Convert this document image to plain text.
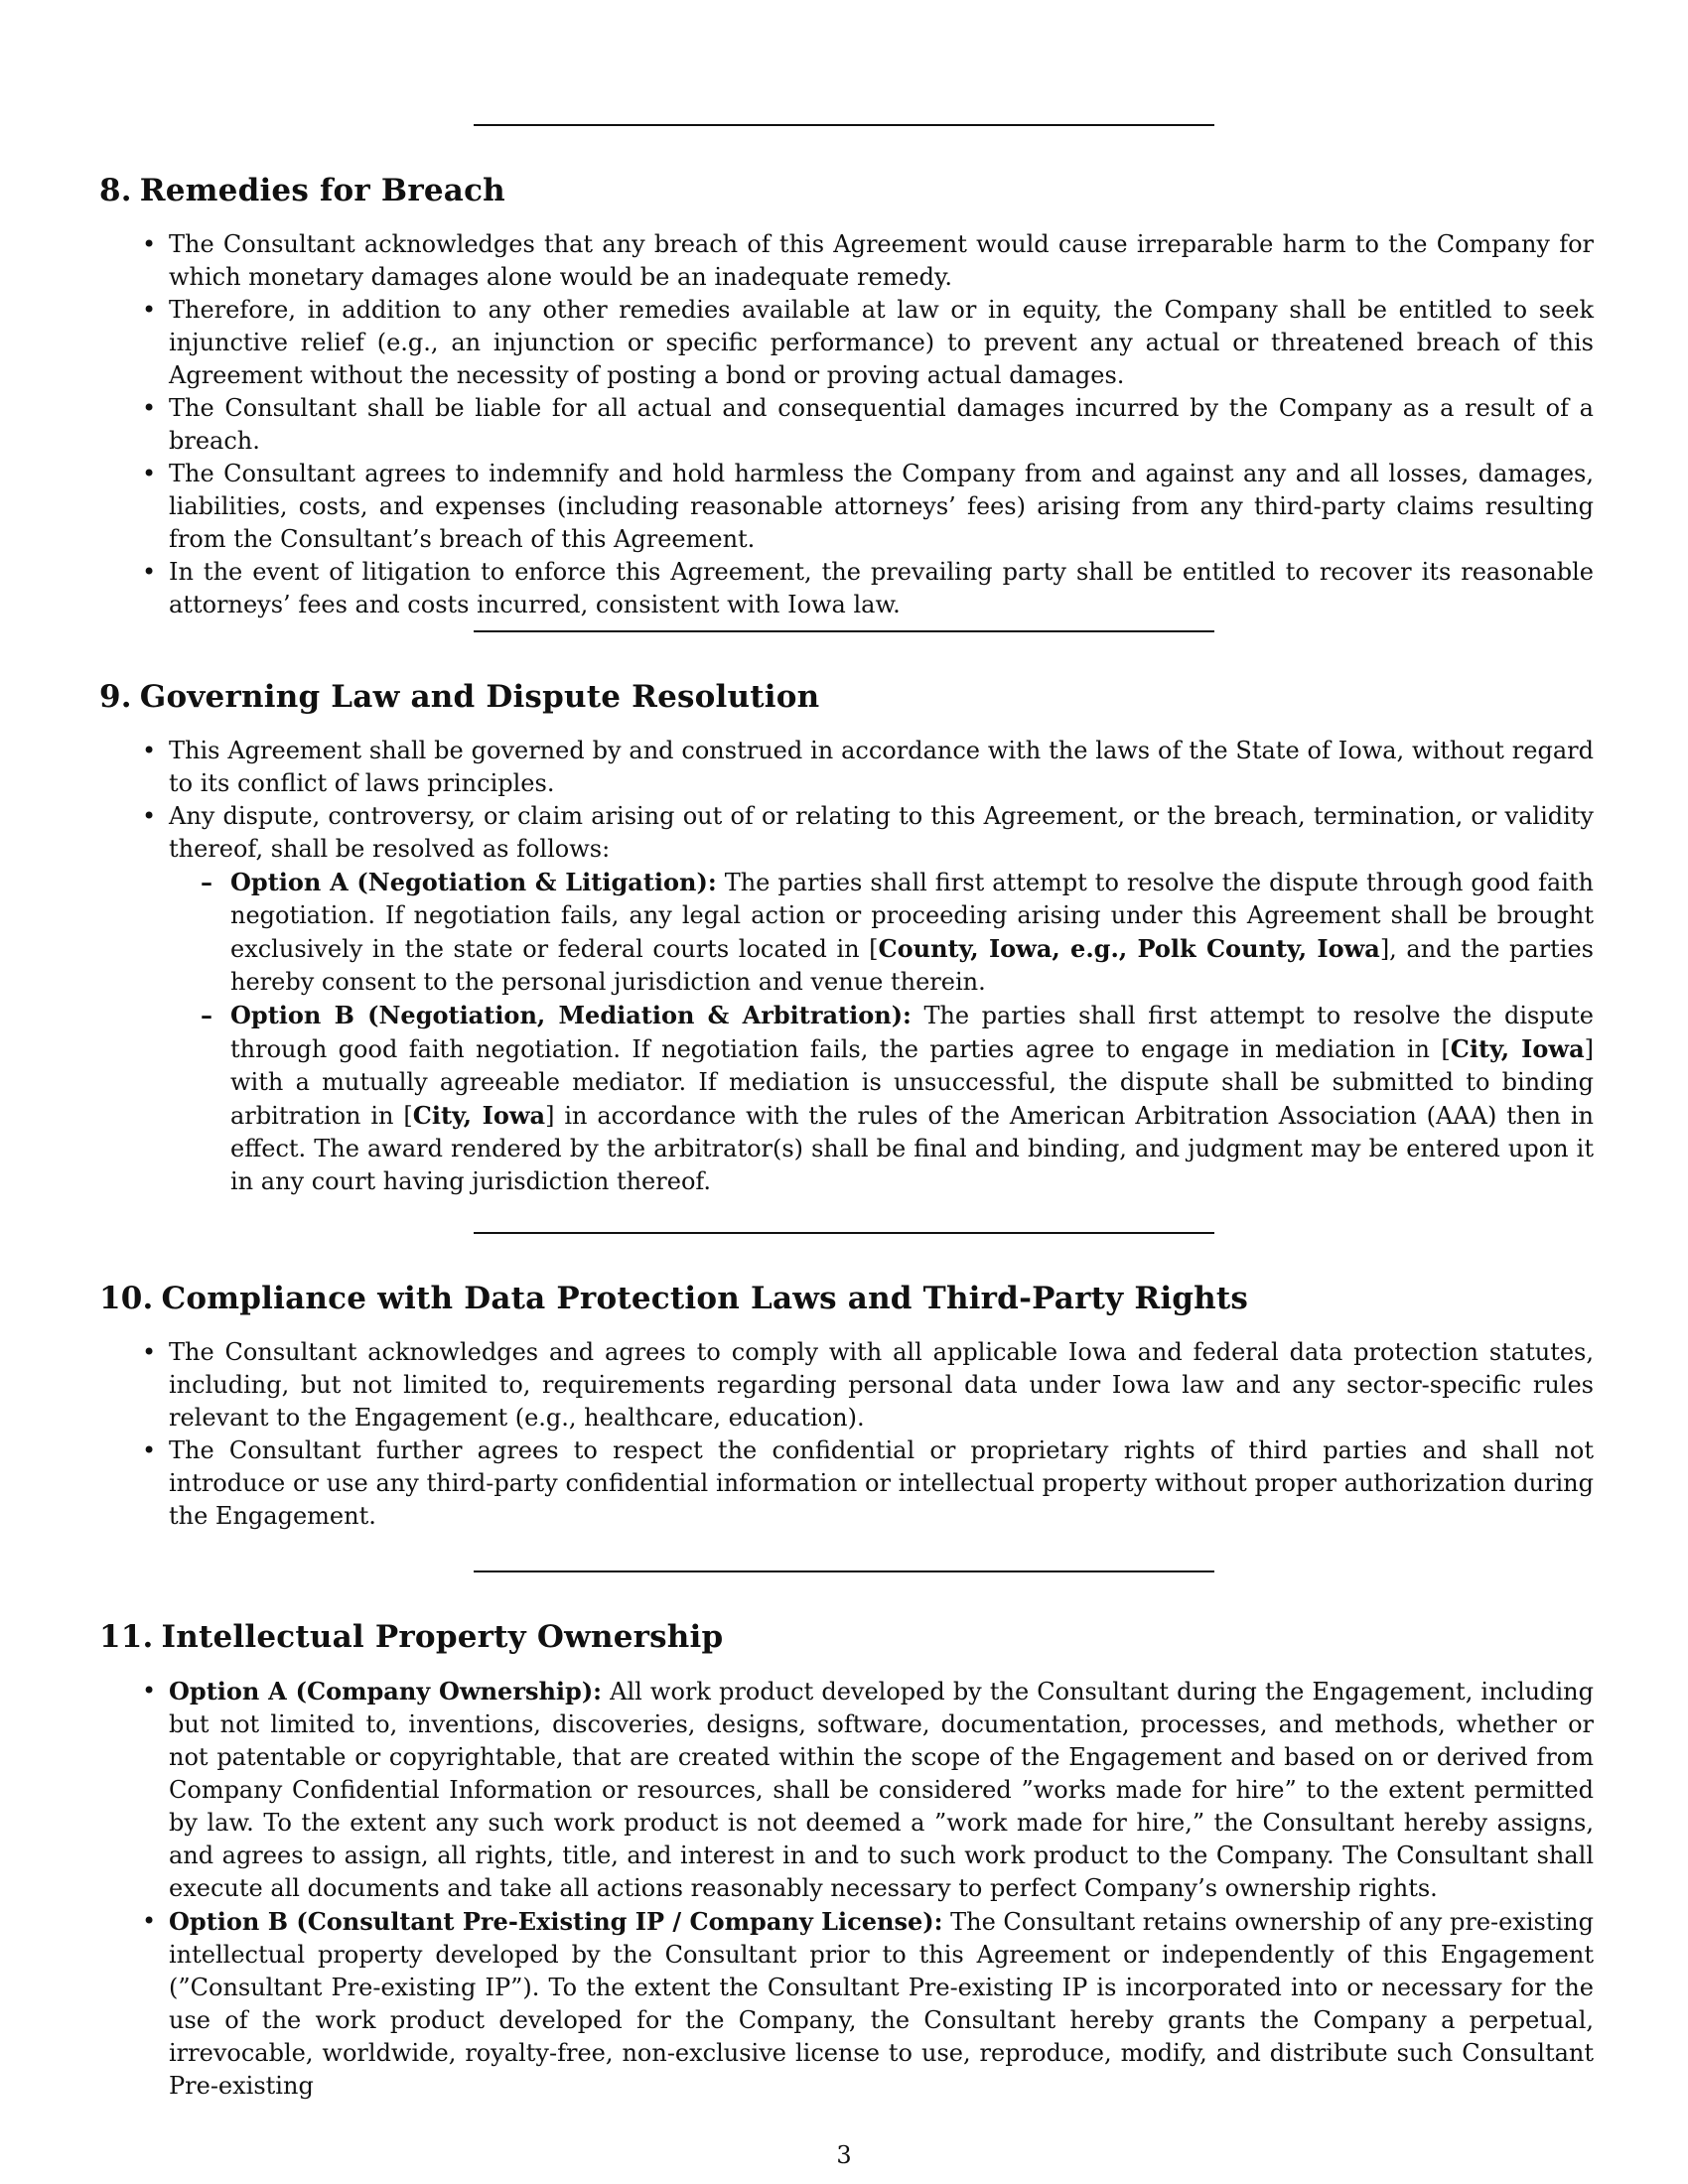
8. Remedies for Breach
• The Consultant acknowledges that any breach of this Agreement would cause irreparable harm to the Company for which monetary damages alone would be an inadequate remedy.
• Therefore, in addition to any other remedies available at law or in equity, the Company shall be entitled to seek injunctive relief (e.g., an injunction or specific performance) to prevent any actual or threatened breach of this Agreement without the necessity of posting a bond or proving actual damages.
• The Consultant shall be liable for all actual and consequential damages incurred by the Company as a result of a breach.
• The Consultant agrees to indemnify and hold harmless the Company from and against any and all losses, damages, liabilities, costs, and expenses (including reasonable attorneys’ fees) arising from any third-party claims resulting from the Consultant’s breach of this Agreement.
• In the event of litigation to enforce this Agreement, the prevailing party shall be entitled to recover its reasonable attorneys’ fees and costs incurred, consistent with Iowa law.
9. Governing Law and Dispute Resolution
• This Agreement shall be governed by and construed in accordance with the laws of the State of Iowa, without regard to its conflict of laws principles.
• Any dispute, controversy, or claim arising out of or relating to this Agreement, or the breach, termination, or validity thereof, shall be resolved as follows:
– Option A (Negotiation & Litigation): The parties shall first attempt to resolve the dispute through good faith negotiation. If negotiation fails, any legal action or proceeding arising under this Agreement shall be brought exclusively in the state or federal courts located in [County, Iowa, e.g., Polk County, Iowa], and the parties hereby consent to the personal jurisdiction and venue therein.
– Option B (Negotiation, Mediation & Arbitration): The parties shall first attempt to resolve the dispute through good faith negotiation. If negotiation fails, the parties agree to engage in mediation in [City, Iowa] with a mutually agreeable mediator. If mediation is unsuccessful, the dispute shall be submitted to binding arbitration in [City, Iowa] in accordance with the rules of the American Arbitration Association (AAA) then in effect. The award rendered by the arbitrator(s) shall be final and binding, and judgment may be entered upon it in any court having jurisdiction thereof.
10. Compliance with Data Protection Laws and Third-Party Rights
• The Consultant acknowledges and agrees to comply with all applicable Iowa and federal data protection statutes, including, but not limited to, requirements regarding personal data under Iowa law and any sector-specific rules relevant to the Engagement (e.g., healthcare, education).
• The Consultant further agrees to respect the confidential or proprietary rights of third parties and shall not introduce or use any third-party confidential information or intellectual property without proper authorization during the Engagement.
11. Intellectual Property Ownership
• Option A (Company Ownership): All work product developed by the Consultant during the Engagement, including but not limited to, inventions, discoveries, designs, software, documentation, processes, and methods, whether or not patentable or copyrightable, that are created within the scope of the Engagement and based on or derived from Company Confidential Information or resources, shall be considered ”works made for hire” to the extent permitted by law. To the extent any such work product is not deemed a ”work made for hire,” the Consultant hereby assigns, and agrees to assign, all rights, title, and interest in and to such work product to the Company. The Consultant shall execute all documents and take all actions reasonably necessary to perfect Company’s ownership rights.
• Option B (Consultant Pre-Existing IP / Company License): The Consultant retains ownership of any pre-existing intellectual property developed by the Consultant prior to this Agreement or independently of this Engagement (”Consultant Pre-existing IP”). To the extent the Consultant Pre-existing IP is incorporated into or necessary for the use of the work product developed for the Company, the Consultant hereby grants the Company a perpetual, irrevocable, worldwide, royalty-free, non-exclusive license to use, reproduce, modify, and distribute such Consultant Pre-existing
3
